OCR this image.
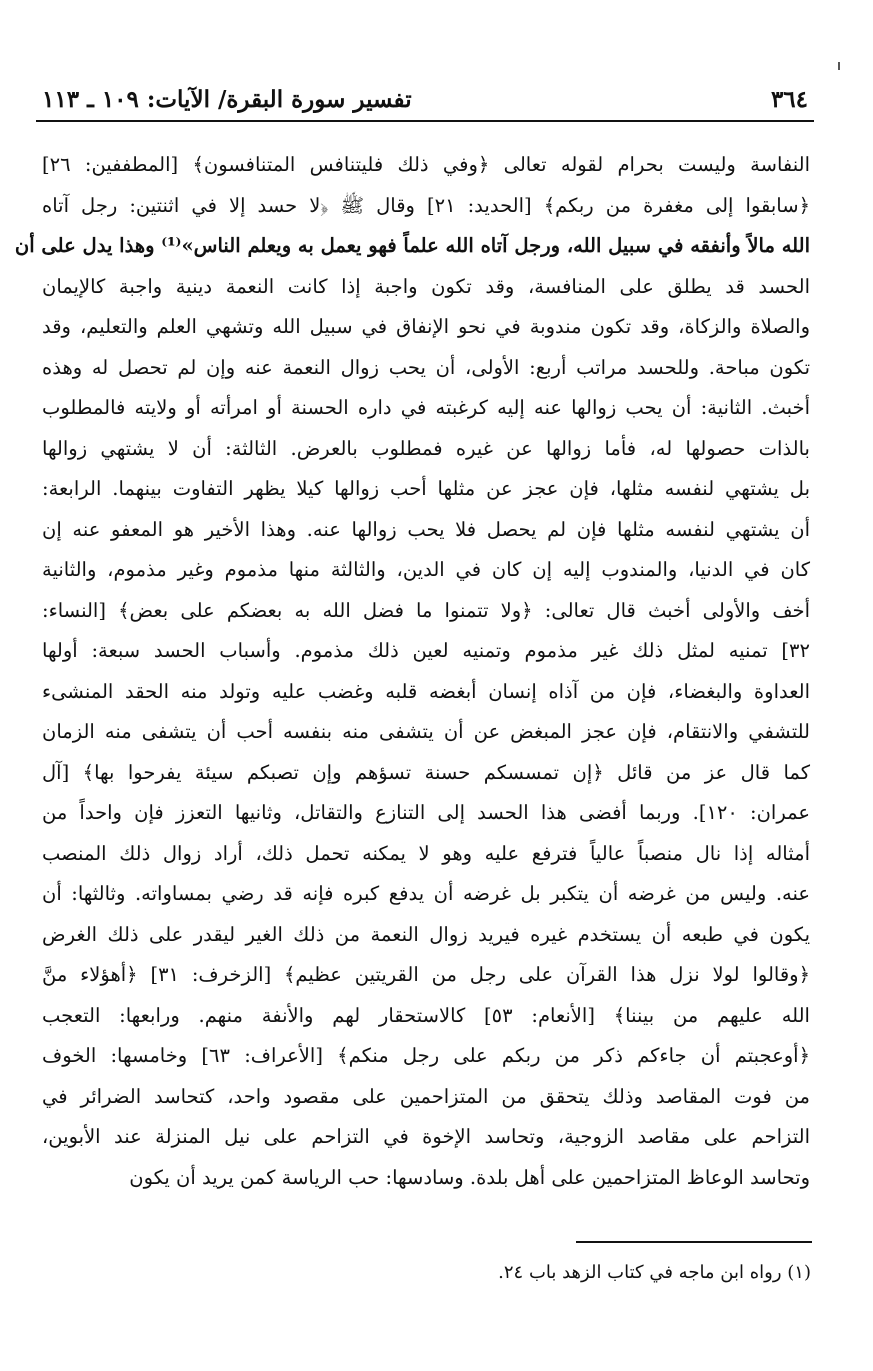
٣٦٤
تفسير سورة البقرة/ الآيات: ١٠٩ ـ ١١٣
النفاسة وليست بحرام لقوله تعالى ﴿وفي ذلك فليتنافس المتنافسون﴾ [المطففين: ٢٦]
﴿سابقوا إلى مغفرة من ربكم﴾ [الحديد: ٢١] وقال ﷺ ﴿لا حسد إلا في اثنتين: رجل آتاه
الله مالاً وأنفقه في سبيل الله، ورجل آتاه الله علماً فهو يعمل به ويعلم الناس»⁽¹⁾ وهذا يدل على أن
الحسد قد يطلق على المنافسة، وقد تكون واجبة إذا كانت النعمة دينية واجبة كالإيمان
والصلاة والزكاة، وقد تكون مندوبة في نحو الإنفاق في سبيل الله وتشهي العلم والتعليم، وقد
تكون مباحة. وللحسد مراتب أربع: الأولى، أن يحب زوال النعمة عنه وإن لم تحصل له وهذه
أخبث. الثانية: أن يحب زوالها عنه إليه كرغبته في داره الحسنة أو امرأته أو ولايته فالمطلوب
بالذات حصولها له، فأما زوالها عن غيره فمطلوب بالعرض. الثالثة: أن لا يشتهي زوالها
بل يشتهي لنفسه مثلها، فإن عجز عن مثلها أحب زوالها كيلا يظهر التفاوت بينهما. الرابعة:
أن يشتهي لنفسه مثلها فإن لم يحصل فلا يحب زوالها عنه. وهذا الأخير هو المعفو عنه إن
كان في الدنيا، والمندوب إليه إن كان في الدين، والثالثة منها مذموم وغير مذموم، والثانية
أخف والأولى أخبث قال تعالى: ﴿ولا تتمنوا ما فضل الله به بعضكم على بعض﴾ [النساء:
٣٢] تمنيه لمثل ذلك غير مذموم وتمنيه لعين ذلك مذموم. وأسباب الحسد سبعة: أولها
العداوة والبغضاء، فإن من آذاه إنسان أبغضه قلبه وغضب عليه وتولد منه الحقد المنشىء
للتشفي والانتقام، فإن عجز المبغض عن أن يتشفى منه بنفسه أحب أن يتشفى منه الزمان
كما قال عز من قائل ﴿إن تمسسكم حسنة تسؤهم وإن تصبكم سيئة يفرحوا بها﴾ [آل
عمران: ١٢٠]. وربما أفضى هذا الحسد إلى التنازع والتقاتل، وثانيها التعزز فإن واحداً من
أمثاله إذا نال منصباً عالياً فترفع عليه وهو لا يمكنه تحمل ذلك، أراد زوال ذلك المنصب
عنه. وليس من غرضه أن يتكبر بل غرضه أن يدفع كبره فإنه قد رضي بمساواته. وثالثها: أن
يكون في طبعه أن يستخدم غيره فيريد زوال النعمة من ذلك الغير ليقدر على ذلك الغرض
﴿وقالوا لولا نزل هذا القرآن على رجل من القريتين عظيم﴾ [الزخرف: ٣١] ﴿أهؤلاء منَّ
الله عليهم من بيننا﴾ [الأنعام: ٥٣] كالاستحقار لهم والأنفة منهم. ورابعها: التعجب
﴿أوعجبتم أن جاءكم ذكر من ربكم على رجل منكم﴾ [الأعراف: ٦٣] وخامسها: الخوف
من فوت المقاصد وذلك يتحقق من المتزاحمين على مقصود واحد، كتحاسد الضرائر في
التزاحم على مقاصد الزوجية، وتحاسد الإخوة في التزاحم على نيل المنزلة عند الأبوين،
وتحاسد الوعاظ المتزاحمين على أهل بلدة. وسادسها: حب الرياسة كمن يريد أن يكون
(١) رواه ابن ماجه في كتاب الزهد باب ٢٤.
